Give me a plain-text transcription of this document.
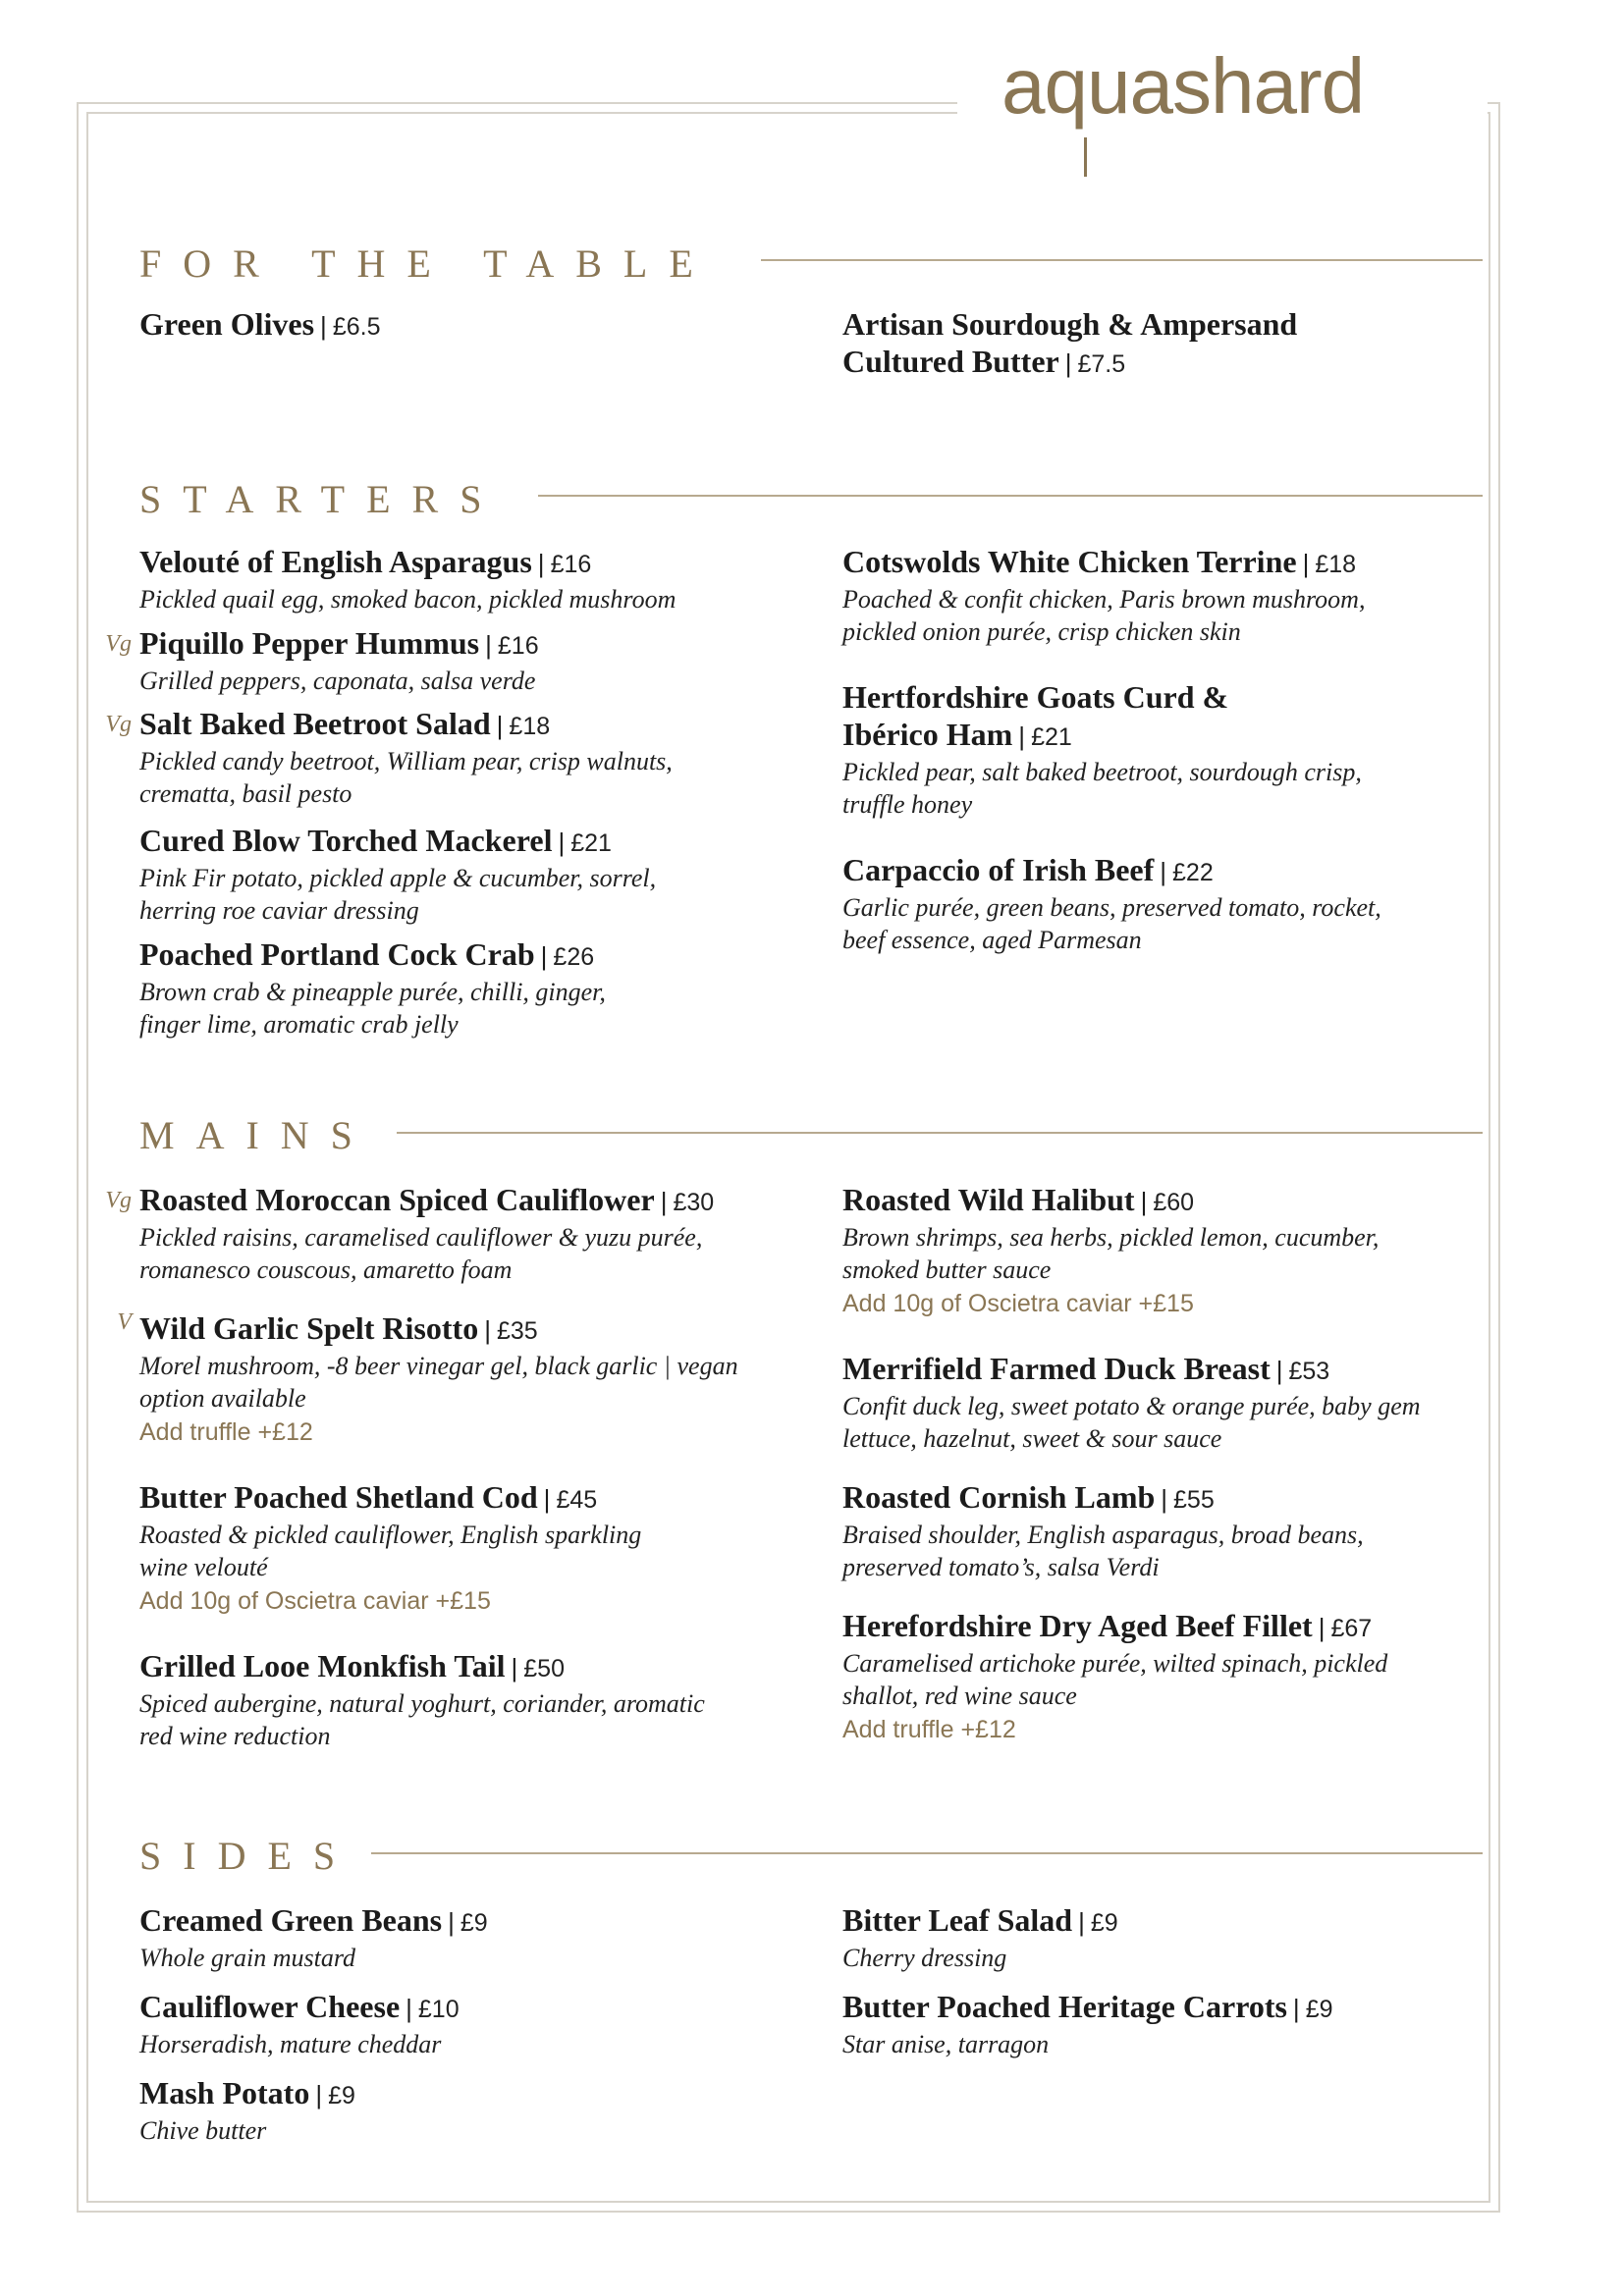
aquashard
FOR THE TABLE
Green Olives | £6.5	Artisan Sourdough & Ampersand
Cultured Butter | £7.5
STARTERS
Velouté of English Asparagus | £16
Pickled quail egg, smoked bacon, pickled mushroom
Vg Piquillo Pepper Hummus | £16
Grilled peppers, caponata, salsa verde
Vg Salt Baked Beetroot Salad | £18
Pickled candy beetroot, William pear, crisp walnuts,
crematta, basil pesto
Cured Blow Torched Mackerel | £21
Pink Fir potato, pickled apple & cucumber, sorrel,
herring roe caviar dressing
Poached Portland Cock Crab | £26
Brown crab & pineapple purée, chilli, ginger,
finger lime, aromatic crab jelly
Cotswolds White Chicken Terrine | £18
Poached & confit chicken, Paris brown mushroom,
pickled onion purée, crisp chicken skin
Hertfordshire Goats Curd &
Ibérico Ham | £21
Pickled pear, salt baked beetroot, sourdough crisp,
truffle honey
Carpaccio of Irish Beef | £22
Garlic purée, green beans, preserved tomato, rocket,
beef essence, aged Parmesan
MAINS
Vg Roasted Moroccan Spiced Cauliflower | £30
Pickled raisins, caramelised cauliflower & yuzu purée,
romanesco couscous, amaretto foam
V Wild Garlic Spelt Risotto | £35
Morel mushroom, -8 beer vinegar gel, black garlic | vegan
option available
Add truffle +£12
Butter Poached Shetland Cod | £45
Roasted & pickled cauliflower, English sparkling
wine velouté
Add 10g of Oscietra caviar +£15
Grilled Looe Monkfish Tail | £50
Spiced aubergine, natural yoghurt, coriander, aromatic
red wine reduction
Roasted Wild Halibut | £60
Brown shrimps, sea herbs, pickled lemon, cucumber,
smoked butter sauce
Add 10g of Oscietra caviar +£15
Merrifield Farmed Duck Breast | £53
Confit duck leg, sweet potato & orange purée, baby gem
lettuce, hazelnut, sweet & sour sauce
Roasted Cornish Lamb | £55
Braised shoulder, English asparagus, broad beans,
preserved tomato’s, salsa Verdi
Herefordshire Dry Aged Beef Fillet | £67
Caramelised artichoke purée, wilted spinach, pickled
shallot, red wine sauce
Add truffle +£12
SIDES
Creamed Green Beans | £9
Whole grain mustard
Cauliflower Cheese | £10
Horseradish, mature cheddar
Mash Potato | £9
Chive butter
Bitter Leaf Salad | £9
Cherry dressing
Butter Poached Heritage Carrots | £9
Star anise, tarragon
